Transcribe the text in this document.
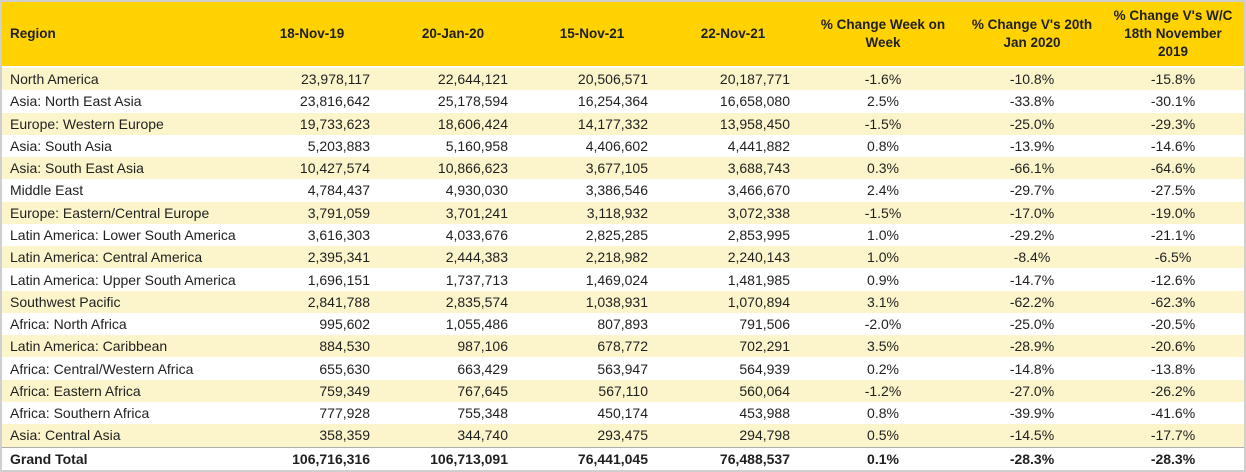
Region	18-Nov-19	20-Jan-20	15-Nov-21	22-Nov-21	% Change Week on Week	% Change V's 20th Jan 2020	% Change V's W/C 18th November 2019
North America	23,978,117	22,644,121	20,506,571	20,187,771	-1.6%	-10.8%	-15.8%
Asia: North East Asia	23,816,642	25,178,594	16,254,364	16,658,080	2.5%	-33.8%	-30.1%
Europe: Western Europe	19,733,623	18,606,424	14,177,332	13,958,450	-1.5%	-25.0%	-29.3%
Asia: South Asia	5,203,883	5,160,958	4,406,602	4,441,882	0.8%	-13.9%	-14.6%
Asia: South East Asia	10,427,574	10,866,623	3,677,105	3,688,743	0.3%	-66.1%	-64.6%
Middle East	4,784,437	4,930,030	3,386,546	3,466,670	2.4%	-29.7%	-27.5%
Europe: Eastern/Central Europe	3,791,059	3,701,241	3,118,932	3,072,338	-1.5%	-17.0%	-19.0%
Latin America: Lower South America	3,616,303	4,033,676	2,825,285	2,853,995	1.0%	-29.2%	-21.1%
Latin America: Central America	2,395,341	2,444,383	2,218,982	2,240,143	1.0%	-8.4%	-6.5%
Latin America: Upper South America	1,696,151	1,737,713	1,469,024	1,481,985	0.9%	-14.7%	-12.6%
Southwest Pacific	2,841,788	2,835,574	1,038,931	1,070,894	3.1%	-62.2%	-62.3%
Africa: North Africa	995,602	1,055,486	807,893	791,506	-2.0%	-25.0%	-20.5%
Latin America: Caribbean	884,530	987,106	678,772	702,291	3.5%	-28.9%	-20.6%
Africa: Central/Western Africa	655,630	663,429	563,947	564,939	0.2%	-14.8%	-13.8%
Africa: Eastern Africa	759,349	767,645	567,110	560,064	-1.2%	-27.0%	-26.2%
Africa: Southern Africa	777,928	755,348	450,174	453,988	0.8%	-39.9%	-41.6%
Asia: Central Asia	358,359	344,740	293,475	294,798	0.5%	-14.5%	-17.7%
Grand Total	106,716,316	106,713,091	76,441,045	76,488,537	0.1%	-28.3%	-28.3%
